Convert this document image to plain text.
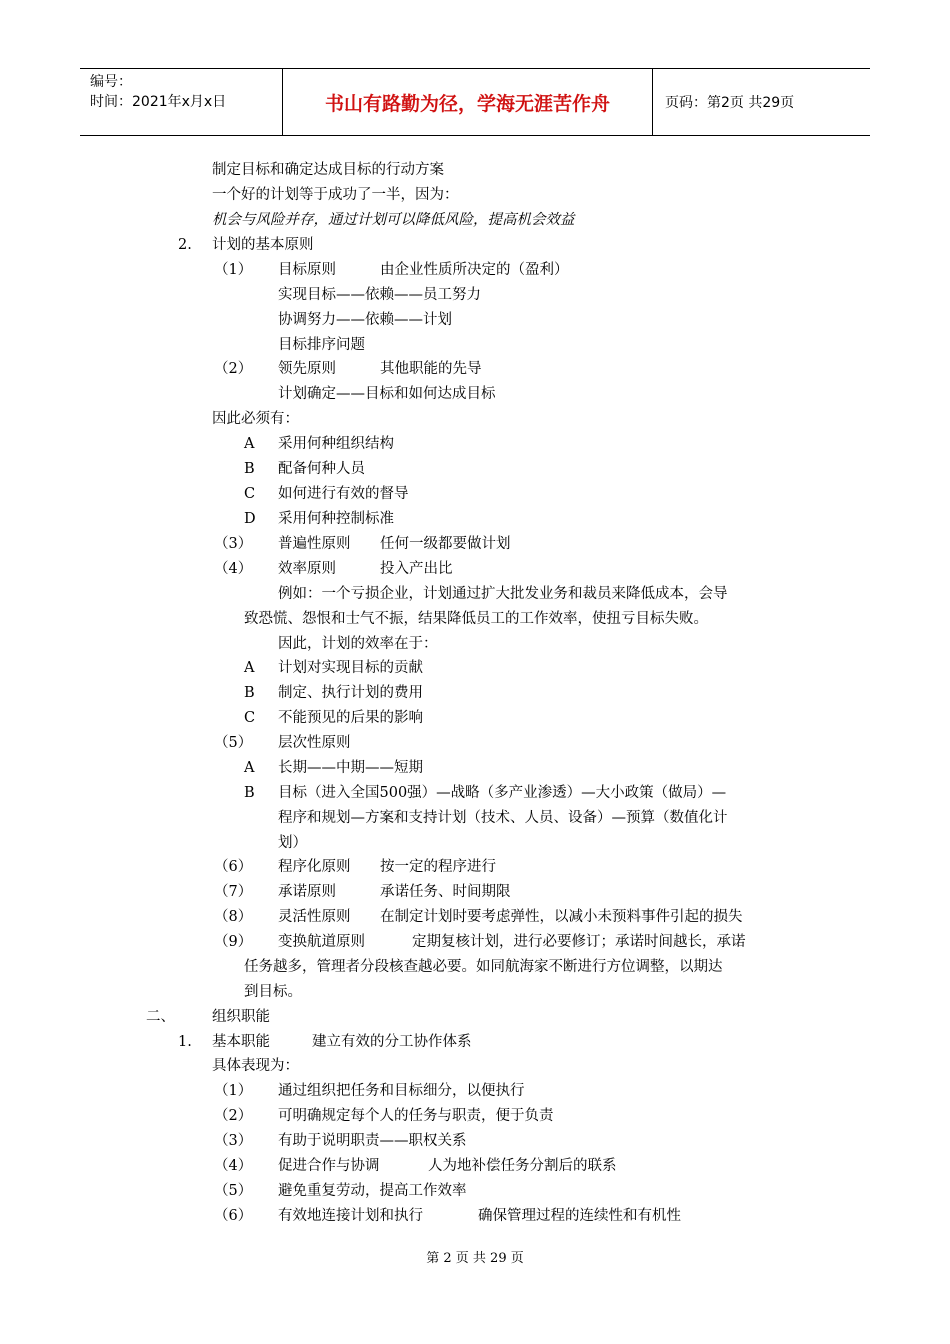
编号：
时间：2021年x月x日	书山有路勤为径，学海无涯苦作舟	页码：第2页 共29页
制定目标和确定达成目标的行动方案
一个好的计划等于成功了一半，因为：
机会与风险并存，通过计划可以降低风险，提高机会效益
2. 计划的基本原则
（1） 目标原则	由企业性质所决定的（盈利）
实现目标——依赖——员工努力
协调努力——依赖——计划
目标排序问题
（2） 领先原则	其他职能的先导
计划确定——目标和如何达成目标
因此必须有：
A 采用何种组织结构
B 配备何种人员
C 如何进行有效的督导
D 采用何种控制标准
（3） 普遍性原则 任何一级都要做计划
（4） 效率原则	投入产出比
例如：一个亏损企业，计划通过扩大批发业务和裁员来降低成本，会导
致恐慌、怨恨和士气不振，结果降低员工的工作效率，使扭亏目标失败。
因此，计划的效率在于：
A 计划对实现目标的贡献
B 制定、执行计划的费用
C 不能预见的后果的影响
（5） 层次性原则
A 长期——中期——短期
B 目标（进入全国500强）—战略（多产业渗透）—大小政策（做局）—
程序和规划—方案和支持计划（技术、人员、设备）—预算（数值化计
划）
（6） 程序化原则 按一定的程序进行
（7） 承诺原则	承诺任务、时间期限
（8） 灵活性原则 在制定计划时要考虑弹性，以减小未预料事件引起的损失
（9） 变换航道原则	定期复核计划，进行必要修订；承诺时间越长，承诺
任务越多，管理者分段核查越必要。如同航海家不断进行方位调整，以期达
到目标。
二、	组织职能
1. 基本职能	建立有效的分工协作体系
具体表现为：
（1） 通过组织把任务和目标细分，以便执行
（2） 可明确规定每个人的任务与职责，便于负责
（3） 有助于说明职责——职权关系
（4） 促进合作与协调	人为地补偿任务分割后的联系
（5） 避免重复劳动，提高工作效率
（6） 有效地连接计划和执行	确保管理过程的连续性和有机性
第 2 页 共 29 页
